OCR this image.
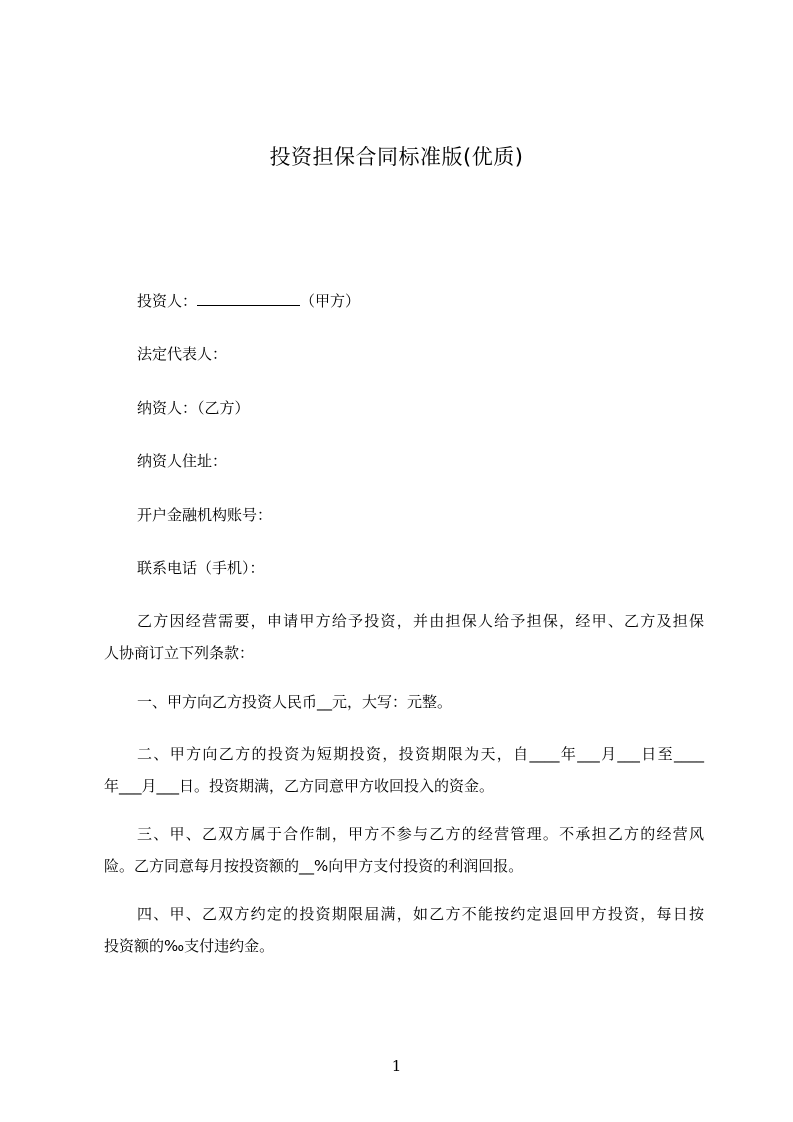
投资担保合同标准版(优质)
投资人：	（甲方）
法定代表人：
纳资人：（乙方）
纳资人住址：
开户金融机构账号：
联系电话（手机）：
乙方因经营需要，申请甲方给予投资，并由担保人给予担保，经甲、乙方及担保
人协商订立下列条款：
一、甲方向乙方投资人民币__元，大写：元整。
二、甲方向乙方的投资为短期投资，投资期限为天，自____年___月___日至____
年___月___日。投资期满，乙方同意甲方收回投入的资金。
三、甲、乙双方属于合作制，甲方不参与乙方的经营管理。不承担乙方的经营风
险。乙方同意每月按投资额的__%向甲方支付投资的利润回报。
四、甲、乙双方约定的投资期限届满，如乙方不能按约定退回甲方投资，每日按
投资额的‰支付违约金。
1
